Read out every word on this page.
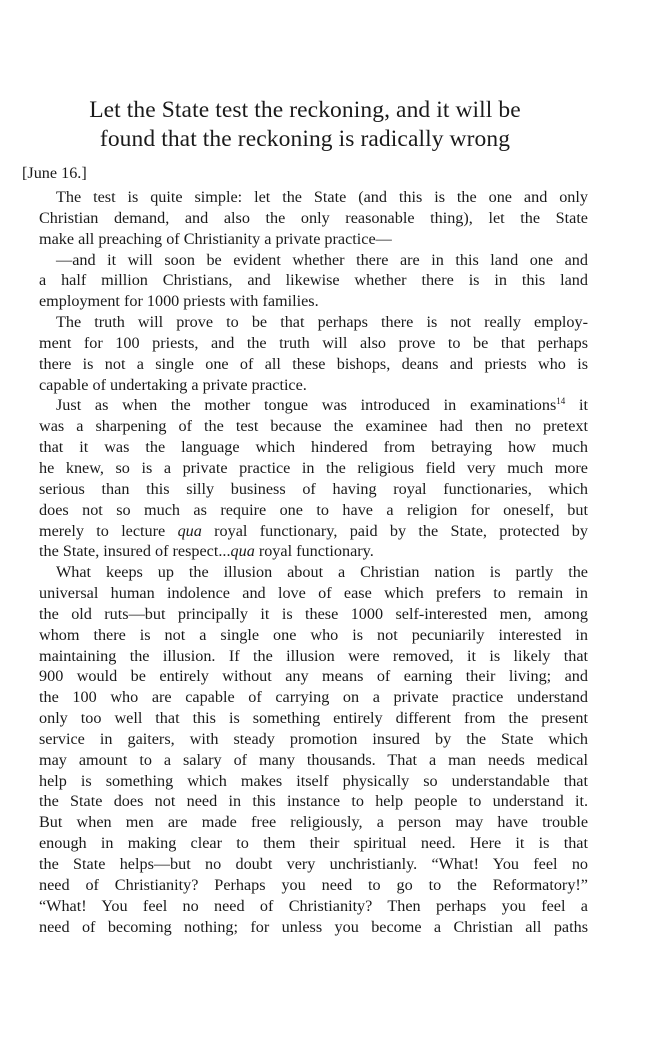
Let the State test the reckoning, and it will be
found that the reckoning is radically wrong
[June 16.]
The test is quite simple: let the State (and this is the one and only
Christian demand, and also the only reasonable thing), let the State
make all preaching of Christianity a private practice—
—and it will soon be evident whether there are in this land one and
a half million Christians, and likewise whether there is in this land
employment for 1000 priests with families.
The truth will prove to be that perhaps there is not really employ-
ment for 100 priests, and the truth will also prove to be that perhaps
there is not a single one of all these bishops, deans and priests who is
capable of undertaking a private practice.
Just as when the mother tongue was introduced in examinations$^{14}$ it
was a sharpening of the test because the examinee had then no pretext
that it was the language which hindered from betraying how much
he knew, so is a private practice in the religious field very much more
serious than this silly business of having royal functionaries, which
does not so much as require one to have a religion for oneself, but
merely to lecture qua royal functionary, paid by the State, protected by
the State, insured of respect...qua royal functionary.
What keeps up the illusion about a Christian nation is partly the
universal human indolence and love of ease which prefers to remain in
the old ruts—but principally it is these 1000 self-interested men, among
whom there is not a single one who is not pecuniarily interested in
maintaining the illusion. If the illusion were removed, it is likely that
900 would be entirely without any means of earning their living; and
the 100 who are capable of carrying on a private practice understand
only too well that this is something entirely different from the present
service in gaiters, with steady promotion insured by the State which
may amount to a salary of many thousands. That a man needs medical
help is something which makes itself physically so understandable that
the State does not need in this instance to help people to understand it.
But when men are made free religiously, a person may have trouble
enough in making clear to them their spiritual need. Here it is that
the State helps—but no doubt very unchristianly. “What! You feel no
need of Christianity? Perhaps you need to go to the Reformatory!”
“What! You feel no need of Christianity? Then perhaps you feel a
need of becoming nothing; for unless you become a Christian all paths
